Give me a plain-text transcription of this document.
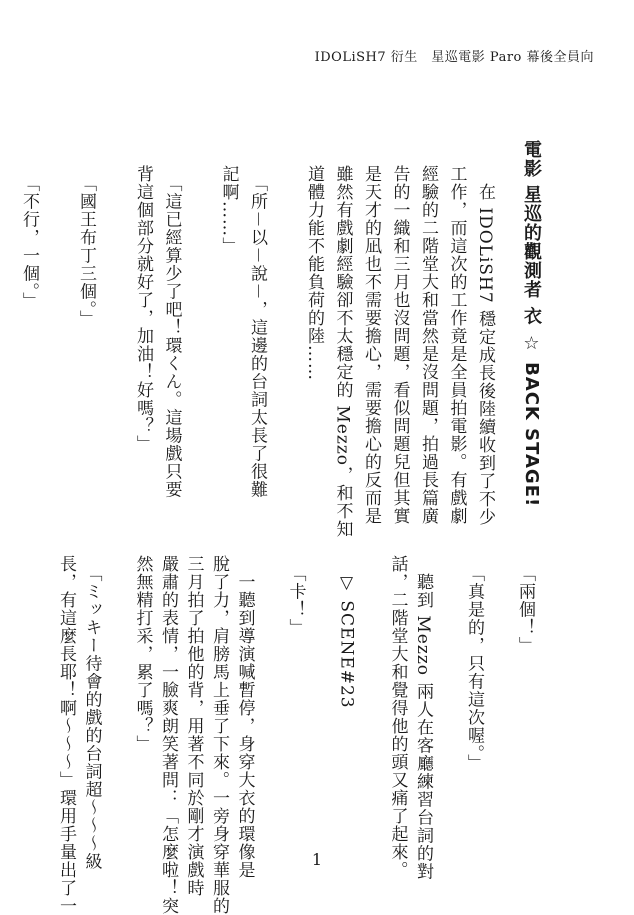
IDOLiSH7 衍生　星巡電影 Paro 幕後全員向
電影 星巡的觀測者 ⾐ ☆ BACK STAGE!
　在 IDOLiSH7 穩定成長後陸續收到了不少
工作，而這次的工作竟是全員拍電影。有戲劇
經驗的二階堂大和當然是沒問題，拍過長篇廣
告的一織和三月也沒問題，看似問題兒但其實
是天才的凪也不需要擔心，需要擔心的反而是
雖然有戲劇經驗卻不太穩定的 Mezzo，和不知
道體力能不能負荷的陸……
　「所－以－說－，這邊的台詞太長了很難
記啊……」
　「這已經算少了吧！環くん。這場戲只要
背這個部分就好了，加油！好嗎？」
　「國王布丁三個。」
　「不行，一個。」
　「兩個！」
　「真是的，只有這次喔。」
　聽到 Mezzo 兩人在客廳練習台詞的對
話，二階堂大和覺得他的頭又痛了起來。
　▽ SCENE#23
　「卡！」
　一聽到導演喊暫停，身穿大衣的環像是
脫了力，肩膀馬上垂了下來。一旁身穿華服的
三月拍了拍他的背，用著不同於剛才演戲時
嚴肅的表情，一臉爽朗笑著問：「怎麼啦！突
然無精打采，累了嗎？」
　「ミッキー待會的戲的台詞超～～～級
長，有這麼長耶！啊～～～」環用手量出了一	1
